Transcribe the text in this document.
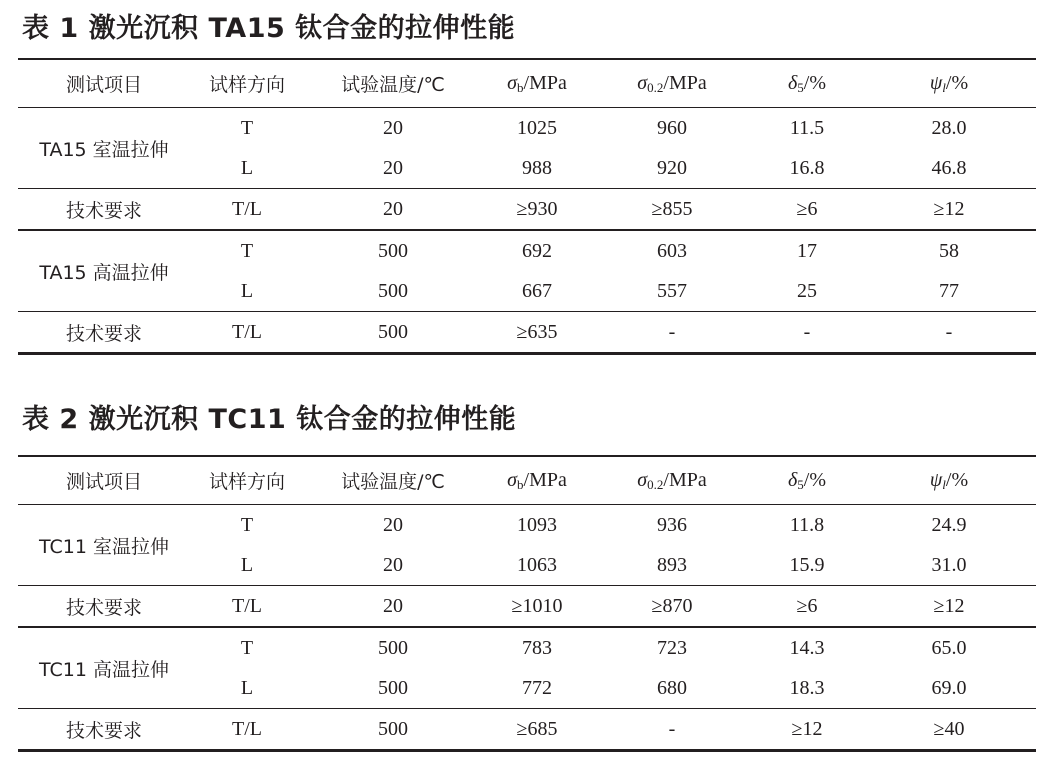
表 1 激光沉积 TA15 钛合金的拉伸性能
测试项目	试样方向	试验温度/℃	$\sigma_b$/MPa	$\sigma_{0.2}$/MPa	$\delta_5/\%$	$\psi_l/\%$
TA15 室温拉伸	T	20	1025	960	11.5	28.0
	L	20	988	920	16.8	46.8
技术要求	T/L	20	≥930	≥855	≥6	≥12
TA15 高温拉伸	T	500	692	603	17	58
	L	500	667	557	25	77
技术要求	T/L	500	≥635	-	-	-
表 2 激光沉积 TC11 钛合金的拉伸性能
测试项目	试样方向	试验温度/℃	$\sigma_b$/MPa	$\sigma_{0.2}$/MPa	$\delta_5/\%$	$\psi_l/\%$
TC11 室温拉伸	T	20	1093	936	11.8	24.9
	L	20	1063	893	15.9	31.0
技术要求	T/L	20	≥1010	≥870	≥6	≥12
TC11 高温拉伸	T	500	783	723	14.3	65.0
	L	500	772	680	18.3	69.0
技术要求	T/L	500	≥685	-	≥12	≥40
